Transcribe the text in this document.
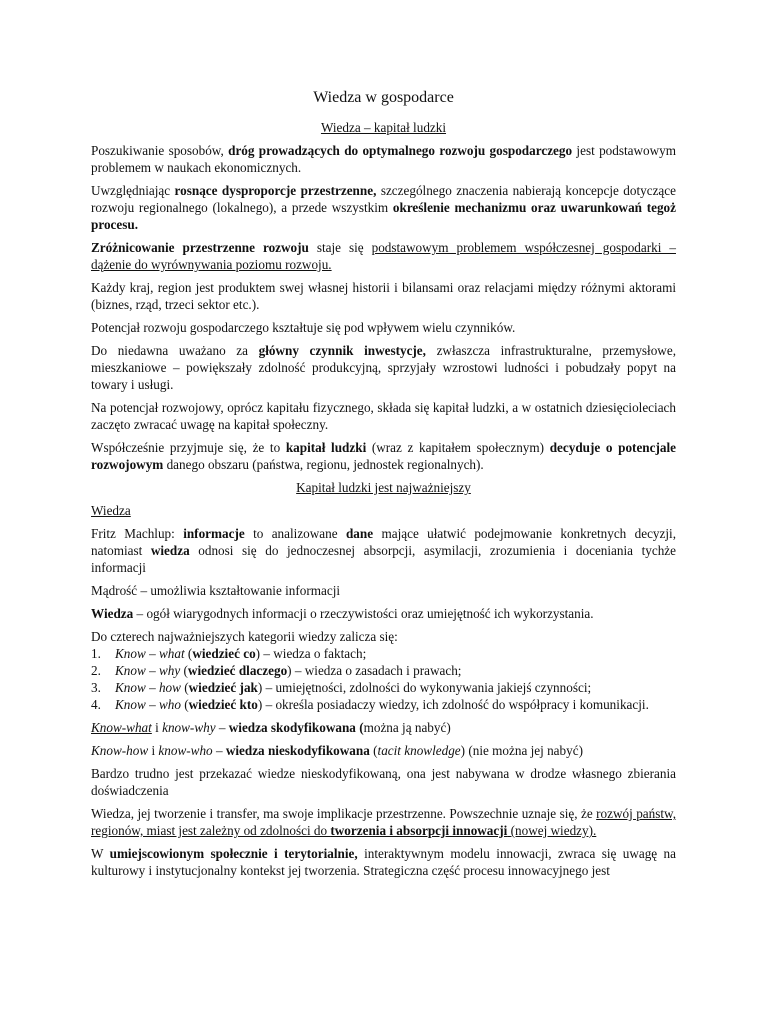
Wiedza w gospodarce
Wiedza – kapitał ludzki

Poszukiwanie sposobów, dróg prowadzących do optymalnego rozwoju gospodarczego jest podstawowym problemem w naukach ekonomicznych.

Uwzględniając rosnące dysproporcje przestrzenne, szczególnego znaczenia nabierają koncepcje dotyczące rozwoju regionalnego (lokalnego), a przede wszystkim określenie mechanizmu oraz uwarunkowań tegoż procesu.

Zróżnicowanie przestrzenne rozwoju staje się podstawowym problemem współczesnej gospodarki – dążenie do wyrównywania poziomu rozwoju.

Każdy kraj, region jest produktem swej własnej historii i bilansami oraz relacjami między różnymi aktorami (biznes, rząd, trzeci sektor etc.).

Potencjał rozwoju gospodarczego kształtuje się pod wpływem wielu czynników.

Do niedawna uważano za główny czynnik inwestycje, zwłaszcza infrastrukturalne, przemysłowe, mieszkaniowe – powiększały zdolność produkcyjną, sprzyjały wzrostowi ludności i pobudzały popyt na towary i usługi.

Na potencjał rozwojowy, oprócz kapitału fizycznego, składa się kapitał ludzki, a w ostatnich dziesięcioleciach zaczęto zwracać uwagę na kapitał społeczny.

Współcześnie przyjmuje się, że to kapitał ludzki (wraz z kapitałem społecznym) decyduje o potencjale rozwojowym danego obszaru (państwa, regionu, jednostek regionalnych).

Kapitał ludzki jest najważniejszy

Wiedza

Fritz Machlup: informacje to analizowane dane mające ułatwić podejmowanie konkretnych decyzji, natomiast wiedza odnosi się do jednoczesnej absorpcji, asymilacji, zrozumienia i doceniania tychże informacji

Mądrość – umożliwia kształtowanie informacji

Wiedza – ogół wiarygodnych informacji o rzeczywistości oraz umiejętność ich wykorzystania.

Do czterech najważniejszych kategorii wiedzy zalicza się:

1. Know – what (wiedzieć co) – wiedza o faktach;
2. Know – why (wiedzieć dlaczego) – wiedza o zasadach i prawach;
3. Know – how (wiedzieć jak) – umiejętności, zdolności do wykonywania jakiejś czynności;
4. Know – who (wiedzieć kto) – określa posiadaczy wiedzy, ich zdolność do współpracy i komunikacji.

Know-what i know-why – wiedza skodyfikowana (można ją nabyć)

Know-how i know-who – wiedza nieskodyfikowana (tacit knowledge) (nie można jej nabyć)

Bardzo trudno jest przekazać wiedze nieskodyfikowaną, ona jest nabywana w drodze własnego zbierania doświadczenia

Wiedza, jej tworzenie i transfer, ma swoje implikacje przestrzenne. Powszechnie uznaje się, że rozwój państw, regionów, miast jest zależny od zdolności do tworzenia i absorpcji innowacji (nowej wiedzy).

W umiejscowionym społecznie i terytorialnie, interaktywnym modelu innowacji, zwraca się uwagę na kulturowy i instytucjonalny kontekst jej tworzenia. Strategiczna część procesu innowacyjnego jest
